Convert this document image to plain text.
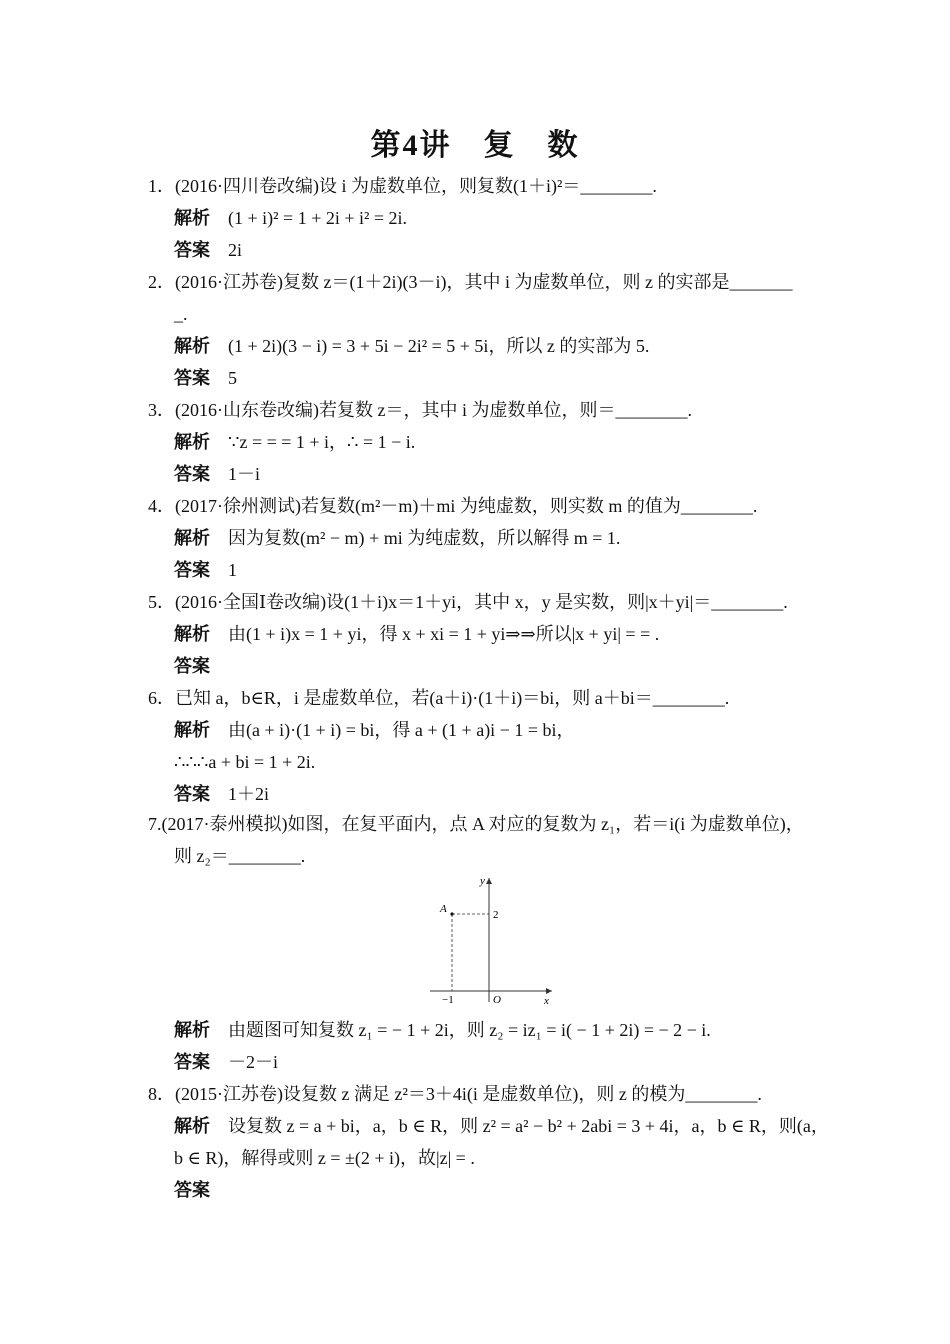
第4讲　复　数
1．(2016·四川卷改编)设 i 为虚数单位，则复数(1＋i)²＝________.
解析 (1 + i)² = 1 + 2i + i² = 2i.
答案 2i
2．(2016·江苏卷)复数 z＝(1＋2i)(3－i)，其中 i 为虚数单位，则 z 的实部是_______
_.
解析 (1 + 2i)(3 − i) = 3 + 5i − 2i² = 5 + 5i，所以 z 的实部为 5.
答案 5
3．(2016·山东卷改编)若复数 z＝，其中 i 为虚数单位，则＝________.
解析 ∵z = = = 1 + i，∴ = 1 − i.
答案 1－i
4．(2017·徐州测试)若复数(m²－m)＋mi 为纯虚数，则实数 m 的值为________.
解析 因为复数(m² − m) + mi 为纯虚数，所以解得 m = 1.
答案 1
5．(2016·全国Ⅰ卷改编)设(1＋i)x＝1＋yi，其中 x，y 是实数，则|x＋yi|＝________.
解析 由(1 + i)x = 1 + yi，得 x + xi = 1 + yi⇒⇒所以|x + yi| = = .
答案
6．已知 a，b∈R，i 是虚数单位，若(a＋i)·(1＋i)＝bi，则 a＋bi＝________.
解析 由(a + i)·(1 + i) = bi，得 a + (1 + a)i − 1 = bi，
∴∴∴a + bi = 1 + 2i.
答案 1＋2i
7.(2017·泰州模拟)如图，在复平面内，点 A 对应的复数为 z₁，若＝i(i 为虚数单位)，
则 z₂＝________.
解析 由题图可知复数 z₁ = − 1 + 2i，则 z₂ = iz₁ = i( − 1 + 2i) = − 2 − i.
答案 －2－i
8．(2015·江苏卷)设复数 z 满足 z²＝3＋4i(i 是虚数单位)，则 z 的模为________.
解析 设复数 z = a + bi，a，b ∈ R，则 z² = a² − b² + 2abi = 3 + 4i，a，b ∈ R，则(a，
b ∈ R)，解得或则 z = ±(2 + i)，故|z| = .
答案
y
x
A	2
−1	O
